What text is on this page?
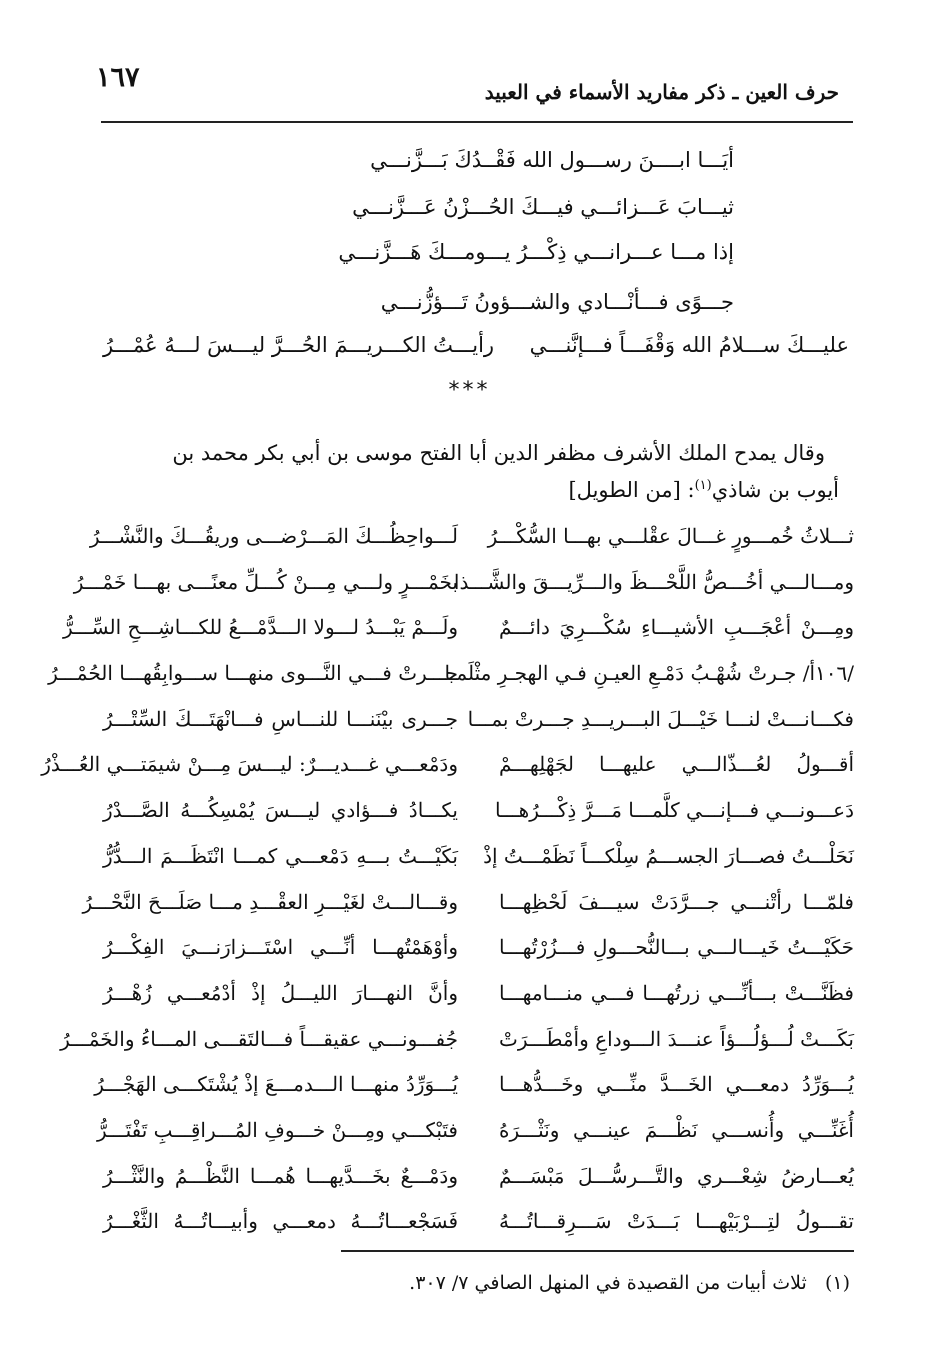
١٦٧	حرف العين ـ ذكر مفاريد الأسماء في العبيد
أيَـــا ابــــنَ رســـول الله فَقْــدُكَ بَـــزَّنـــي
ثيـــابَ عَـــزائـــي فيـــكَ الحُـــزْنُ عَـــزَّنـــي
إذا مـــا عـــرانـــي ذِكْـــرُ يـــومـــكَ هَـــزَّنـــي
جـــوًى فـــأنْـــادي والشـــؤونُ تَـــؤزُّنـــي
عليـــكَ ســـلامُ الله وَقْفَـــاً فـــإنَّنـــي
رأيـــتُ الكـــريـــمَ الحُـــرَّ ليـــسَ لـــهُ عُمْـــرُ
***
وقال يمدح الملك الأشرف مظفر الدين أبا الفتح موسى بن أبي بكر محمد بن
أيوب بن شاذي$^{(١)}$: [من الطويل]
ثـــلاثُ خُمـــورٍ غـــالَ عقْلـــي بهـــا السُّكْـــرُ
ومـــالـــي أخُـــصُّ اللَّحْـــظَ والـــرِّيـــقَ والشَّـــذا
ومِـــنْ أعْجَـــبِ الأشيـــاءِ سُكْـــرِيَ دائـــمٌ
/١٠٦أ/ جـرتْ شُهْـبُ دَمْـعِ العيـنِ فـي الهجـرِ مثْلَمـا
فكـــانـــتْ لنـــا خَيْـــلَ البـــريـــدِ جـــرتْ بمـــا
أقـــولُ لعُـــذّالـــي عليهـــا لجَهْلِهـــمْ
دَعـــونـــي فـــإنـــي كلَّمـــا مَـــرَّ ذِكْـــرُهـــا
نَحَلْـــتُ فصـــارَ الجســـمُ سِلْكـــاً نَظَمْـــتُ إذْ
فلمّـــا رأتْنـــي جـــرَّدَتْ سيـــفَ لَحْظِهـــا
حَكَيْـــتُ خَيـــالـــي بـــالنُّحـــولِ فـــزُرْتُهـــا
فظَنَّـــتْ بـــأنِّـــي زرتُهـــا فـــي منـــامهـــا
بَكَـــتْ لُـــؤلُـــؤاً عنـــدَ الـــوداعِ وأمْطَـــرَتْ
يُـــوَرِّدُ دمعـــي الخَـــدَّ منِّـــي وخَـــدُّهـــا
أُغَنِّـــي وأُنســـي نَظْـــمَ عينـــي ونَثْـــرَهُ
يُعـــارضُ شِعْـــري والتَّـــرسُّـــلَ مَبْسَـــمٌ
تقـــولُ لتِـــرْبَيْهـــا بَـــدَتْ سَـــرِقـــاتُـــهُ
لَـــواحِظُـــكَ المَـــرْضـــى وريقُـــكَ والنَّشْـــرُ
بخَمْـــرٍ ولـــي مِـــنْ كُـــلِّ معنًـــى بهـــا خَمْـــرُ
ولَـــمْ يَبْـــدُ لـــولا الـــدَّمْـــعُ للكـــاشِـــحِ السِّـــرُّ
جـــرتْ فـــي النَّـــوى منهـــا ســـوابِقُهـــا الحُمْـــرُ
جـــرى بيْنَنـــا للنـــاسِ فـــانْهَتَـــكَ السِّتْـــرُ
ودَمْعـــي غـــديـــرٌ: ليـــسَ مِـــنْ شيمَتـــي العُـــذْرُ
يكـــادُ فـــؤادي ليـــسَ يُمْسِكُـــهُ الصَّـــدْرُ
بَكَيْـــتُ بـــهِ دَمْعـــي كمـــا انْتَظَـــمَ الـــدُّرُّ
وقـــالـــتْ لغَيْـــرِ العقْـــدِ مـــا صَلَـــحَ النَّحْـــرُ
وأوْهَمْتُهـــا أنِّـــي اسْتَـــزارَنـــيَ الفِكْـــرُ
وأنَّ النهـــارَ الليـــلُ إذْ أدْمُعـــي زُهْـــرُ
جُفـــونـــي عقيقـــاً فـــالتَقـــى المـــاءُ والخَمْـــرُ
يُـــوَرِّدُ منهـــا الـــدمـــعَ إذْ يُشْتَكـــى الهَجْـــرُ
فتَبْكـــي ومِـــنْ خـــوفِ المُـــراقِـــبِ تَفْتَـــرُّ
ودَمْـــعٌ بخَـــدَّيهـــا هُمـــا النَّظْـــمُ والنَّثْـــرُ
فَسَجْعـــاتُـــهُ دمعـــي وأبيـــاتُـــهُ الثَّغْـــرُ
(١)   ثلاث أبيات من القصيدة في المنهل الصافي ٧/ ٣٠٧.
